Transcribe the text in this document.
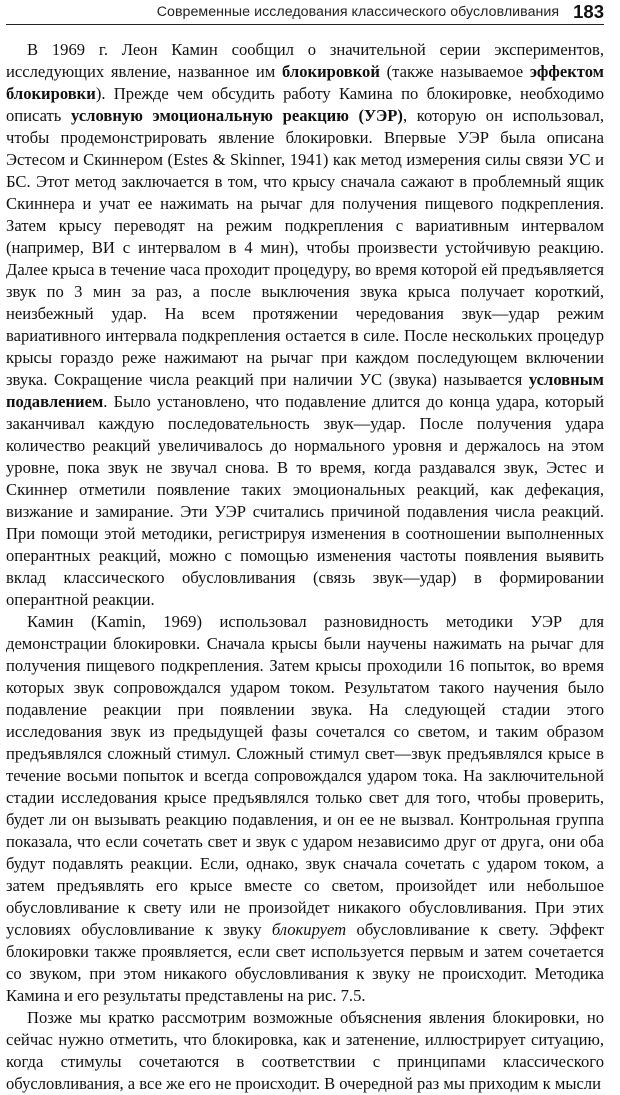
Современные исследования классического обусловливания 183

В 1969 г. Леон Камин сообщил о значительной серии экспериментов, исследующих явление, названное им блокировкой (также называемое эффектом блокировки). Прежде чем обсудить работу Камина по блокировке, необходимо описать условную эмоциональную реакцию (УЭР), которую он использовал, чтобы продемонстрировать явление блокировки. Впервые УЭР была описана Эстесом и Скиннером (Estes & Skinner, 1941) как метод измерения силы связи УС и БС. Этот метод заключается в том, что крысу сначала сажают в проблемный ящик Скиннера и учат ее нажимать на рычаг для получения пищевого подкрепления. Затем крысу переводят на режим подкрепления с вариативным интервалом (например, ВИ с интервалом в 4 мин), чтобы произвести устойчивую реакцию. Далее крыса в течение часа проходит процедуру, во время которой ей предъявляется звук по 3 мин за раз, а после выключения звука крыса получает короткий, неизбежный удар. На всем протяжении чередования звук—удар режим вариативного интервала подкрепления остается в силе. После нескольких процедур крысы гораздо реже нажимают на рычаг при каждом последующем включении звука. Сокращение числа реакций при наличии УС (звука) называется условным подавлением. Было установлено, что подавление длится до конца удара, который заканчивал каждую последовательность звук—удар. После получения удара количество реакций увеличивалось до нормального уровня и держалось на этом уровне, пока звук не звучал снова. В то время, когда раздавался звук, Эстес и Скиннер отметили появление таких эмоциональных реакций, как дефекация, визжание и замирание. Эти УЭР считались причиной подавления числа реакций. При помощи этой методики, регистрируя изменения в соотношении выполненных оперантных реакций, можно с помощью изменения частоты появления выявить вклад классического обусловливания (связь звук—удар) в формировании оперантной реакции.

Камин (Kamin, 1969) использовал разновидность методики УЭР для демонстрации блокировки. Сначала крысы были научены нажимать на рычаг для получения пищевого подкрепления. Затем крысы проходили 16 попыток, во время которых звук сопровождался ударом током. Результатом такого научения было подавление реакции при появлении звука. На следующей стадии этого исследования звук из предыдущей фазы сочетался со светом, и таким образом предъявлялся сложный стимул. Сложный стимул свет—звук предъявлялся крысе в течение восьми попыток и всегда сопровождался ударом тока. На заключительной стадии исследования крысе предъявлялся только свет для того, чтобы проверить, будет ли он вызывать реакцию подавления, и он ее не вызвал. Контрольная группа показала, что если сочетать свет и звук с ударом независимо друг от друга, они оба будут подавлять реакции. Если, однако, звук сначала сочетать с ударом током, а затем предъявлять его крысе вместе со светом, произойдет или небольшое обусловливание к свету или не произойдет никакого обусловливания. При этих условиях обусловливание к звуку блокирует обусловливание к свету. Эффект блокировки также проявляется, если свет используется первым и затем сочетается со звуком, при этом никакого обусловливания к звуку не происходит. Методика Камина и его результаты представлены на рис. 7.5.

Позже мы кратко рассмотрим возможные объяснения явления блокировки, но сейчас нужно отметить, что блокировка, как и затенение, иллюстрирует ситуацию, когда стимулы сочетаются в соответствии с принципами классического обусловливания, а все же его не происходит. В очередной раз мы приходим к мысли
